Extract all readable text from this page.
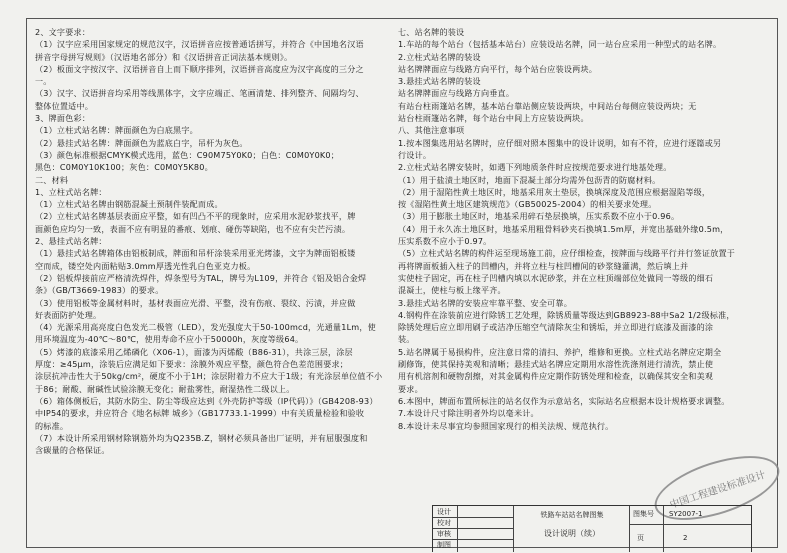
2、文字要求：

（1）汉字应采用国家规定的规范汉字，汉语拼音应按普通话拼写，并符合《中国地名汉语

拼音字母拼写规则》（汉语地名部分）和《汉语拼音正词法基本规则》。

（2）板面文字按汉字、汉语拼音自上而下顺序排列，汉语拼音高度应为汉字高度的三分之

一。

（3）汉字、汉语拼音均采用等线黑体字，文字应端正、笔画清楚、排列整齐、间隔均匀、

整体位置适中。

3、牌面色彩：

（1）立柱式站名牌：牌面颜色为白底黑字。

（2）悬挂式站名牌：牌面颜色为蓝底白字，吊杆为灰色。

（3）颜色标准根据CMYK模式选用，蓝色：C90M75Y0K0；白色：C0M0Y0K0；

黑色：C0M0Y10K100；灰色：C0M0Y5K80。

二、材料

1、立柱式站名牌：

（1）立柱式站名牌由钢筋混凝土预制件装配而成。

（2）立柱式站名牌基层表面应平整，如有凹凸不平的现象时，应采用水泥砂浆找平，牌

面颜色应均匀一致，表面不应有明显的番痕、划痕、碰伤等缺陷，也不应有尖芒污渍。

2、悬挂式站名牌：

（1）悬挂式站名牌箱体由铝板制成，牌面和吊杆涂装采用亚光烤漆，文字为牌面铝板镂

空而成，镂空处内面粘贴3.0mm厚透光性乳白色亚克力板。

（2）铝板焊接前应严格清洗焊件，焊条型号为TAL，牌号为L109，并符合《铝及铝合金焊

条》（GB/T3669-1983）的要求。

（3）使用铝板等金属材料时，基材表面应光滑、平整，没有伤痕、裂纹、污渍，并应做

好表面防护处理。

（4）光源采用高亮度白色发光二极管（LED），发光强度大于50-100mcd，光通量1Lm，使

用环境温度为-40℃～80℃，使用寿命不应小于50000h，灰度等级64。

（5）烤漆的底漆采用乙烯磷化（X06-1），面漆为丙烯酸（B86-31），共涂三层，涂层

厚度：≥45μm，涂装后应满足如下要求：涂膜外观应平整，颜色符合色差范围要求；

涂层抗冲击性大于50kg/cm²，硬度不小于1H；涂层附着力不应大于1级；有光涂层单位值不小

于86；耐酸、耐碱性试验涂膜无变化；耐盐雾性，耐湿热性二级以上。

（6）箱体侧板后，其防水防尘、防尘等级应达到《外壳防护等级（IP代码）》（GB4208-93）

中IP54的要求，并应符合《地名标牌 城乡》（GB17733.1-1999）中有关质量检验和验收

的标准。

（7）本设计所采用钢材除钢筋外均为Q235B.Z，钢材必须具备出厂证明，并有屈服强度和

含碳量的合格保证。

七、站名牌的装设

1.车站的每个站台（包括基本站台）应装设站名牌，同一站台应采用一种型式的站名牌。

2.立柱式站名牌的装设

站名牌牌面应与线路方向平行，每个站台应装设两块。

3.悬挂式站名牌的装设

站名牌牌面应与线路方向垂直。

有站台柱雨篷站名牌，基本站台靠站侧应装设两块，中间站台每侧应装设两块；无

站台柱雨篷站名牌，每个站台中间上方应装设两块。

八、其他注意事项

1.按本图集选用站名牌时，应仔细对照本图集中的设计说明，如有不符，应进行逐篇或另

行设计。

2.立柱式站名牌安装时，如遇下列地质条件时应按规范要求进行地基处理。

（1）用于盐渍土地区时，地面下混凝土部分均需外包沥青的防腐材料。

（2）用于湿陷性黄土地区时，地基采用灰土垫层，换填深度及范围应根据湿陷等级，

按《湿陷性黄土地区建筑规范》（GB50025-2004）的相关要求处理。

（3）用于膨胀土地区时，地基采用碎石垫层换填，压实系数不应小于0.96。

（4）用于永久冻土地区时，地基采用粗骨料砂夹石换填1.5m厚，并宽出基础外缘0.5m，

压实系数不应小于0.97。

（5）立柱式站名牌的构件运至现场施工前，应仔细检查，按牌面与线路平行并行签证放置于

再将牌面板插入柱子的凹槽内，并将立柱与柱凹槽间的砂浆缝灌满，然后填上并

实使柱子固定，再在柱子凹槽内填以水泥砂浆，并在立柱顶端部位处做同一等级的细石

混凝土，使柱与板上缘平齐。

3.悬挂式站名牌的安装应牢靠平整、安全可靠。

4.钢构件在涂装前应进行除锈工艺处理，除锈质量等级达到GB8923-88中Sa2 1/2级标准，

除锈处理后应立即用刷子或洁净压缩空气清除灰尘和锈垢，并立即进行底漆及面漆的涂

装。

5.站名牌属于易损构件，应注意日常的清扫、养护，维修和更换。立柱式站名牌应定期全

刷修饰，使其保持美观和清晰；悬挂式站名牌应定期用水溶性洗涤剂进行清洗，禁止使

用有机溶剂和硬物刮擦，对其金属构件应定期作防锈处理和检查，以确保其安全和美观

要求。

6.本图中，牌面布置所标注的站名仅作为示意站名，实际站名应根据本设计规格要求调整。

7.本设计尺寸除注明者外均以毫米计。

8.本设计未尽事宜均参照国家现行的相关法规、规范执行。

中国工程建设标准设计
设计
校对
审核
制图
铁路车站站名牌图集
设计说明（续）
图集号 SY2007-1
页	2
